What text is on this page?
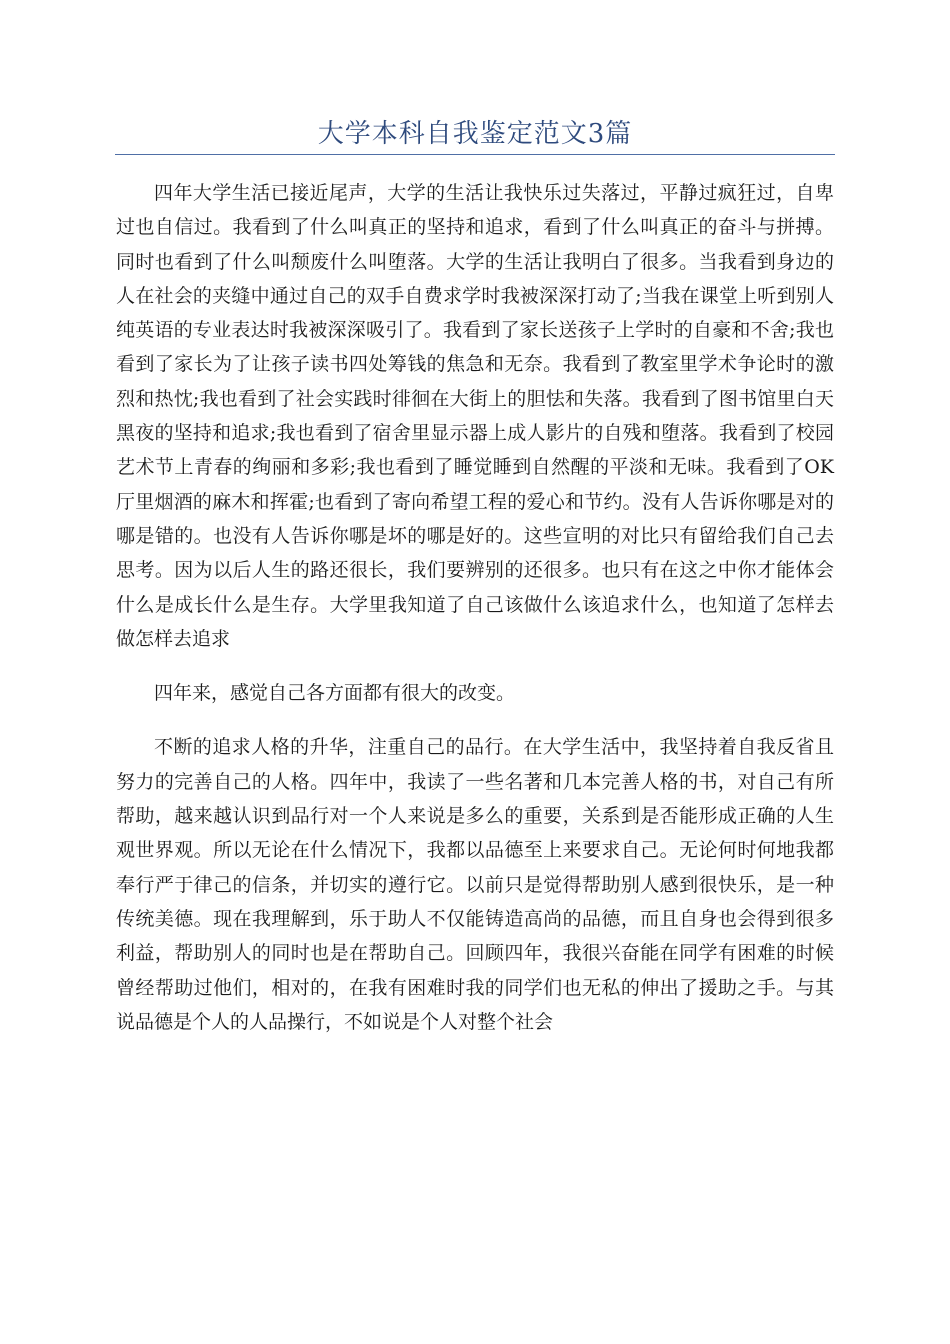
大学本科自我鉴定范文3篇

四年大学生活已接近尾声，大学的生活让我快乐过失落过，平静过疯狂过，自卑过也自信过。我看到了什么叫真正的坚持和追求，看到了什么叫真正的奋斗与拼搏。同时也看到了什么叫颓废什么叫堕落。大学的生活让我明白了很多。当我看到身边的人在社会的夹缝中通过自己的双手自费求学时我被深深打动了;当我在课堂上听到别人纯英语的专业表达时我被深深吸引了。我看到了家长送孩子上学时的自豪和不舍;我也看到了家长为了让孩子读书四处筹钱的焦急和无奈。我看到了教室里学术争论时的激烈和热忱;我也看到了社会实践时徘徊在大街上的胆怯和失落。我看到了图书馆里白天黑夜的坚持和追求;我也看到了宿舍里显示器上成人影片的自残和堕落。我看到了校园艺术节上青春的绚丽和多彩;我也看到了睡觉睡到自然醒的平淡和无味。我看到了OK厅里烟酒的麻木和挥霍;也看到了寄向希望工程的爱心和节约。没有人告诉你哪是对的哪是错的。也没有人告诉你哪是坏的哪是好的。这些宣明的对比只有留给我们自己去思考。因为以后人生的路还很长，我们要辨别的还很多。也只有在这之中你才能体会什么是成长什么是生存。大学里我知道了自己该做什么该追求什么，也知道了怎样去做怎样去追求

四年来，感觉自己各方面都有很大的改变。

不断的追求人格的升华，注重自己的品行。在大学生活中，我坚持着自我反省且努力的完善自己的人格。四年中，我读了一些名著和几本完善人格的书，对自己有所帮助，越来越认识到品行对一个人来说是多么的重要，关系到是否能形成正确的人生观世界观。所以无论在什么情况下，我都以品德至上来要求自己。无论何时何地我都奉行严于律己的信条，并切实的遵行它。以前只是觉得帮助别人感到很快乐，是一种传统美德。现在我理解到，乐于助人不仅能铸造高尚的品德，而且自身也会得到很多利益，帮助别人的同时也是在帮助自己。回顾四年，我很兴奋能在同学有困难的时候曾经帮助过他们，相对的，在我有困难时我的同学们也无私的伸出了援助之手。与其说品德是个人的人品操行，不如说是个人对整个社会
